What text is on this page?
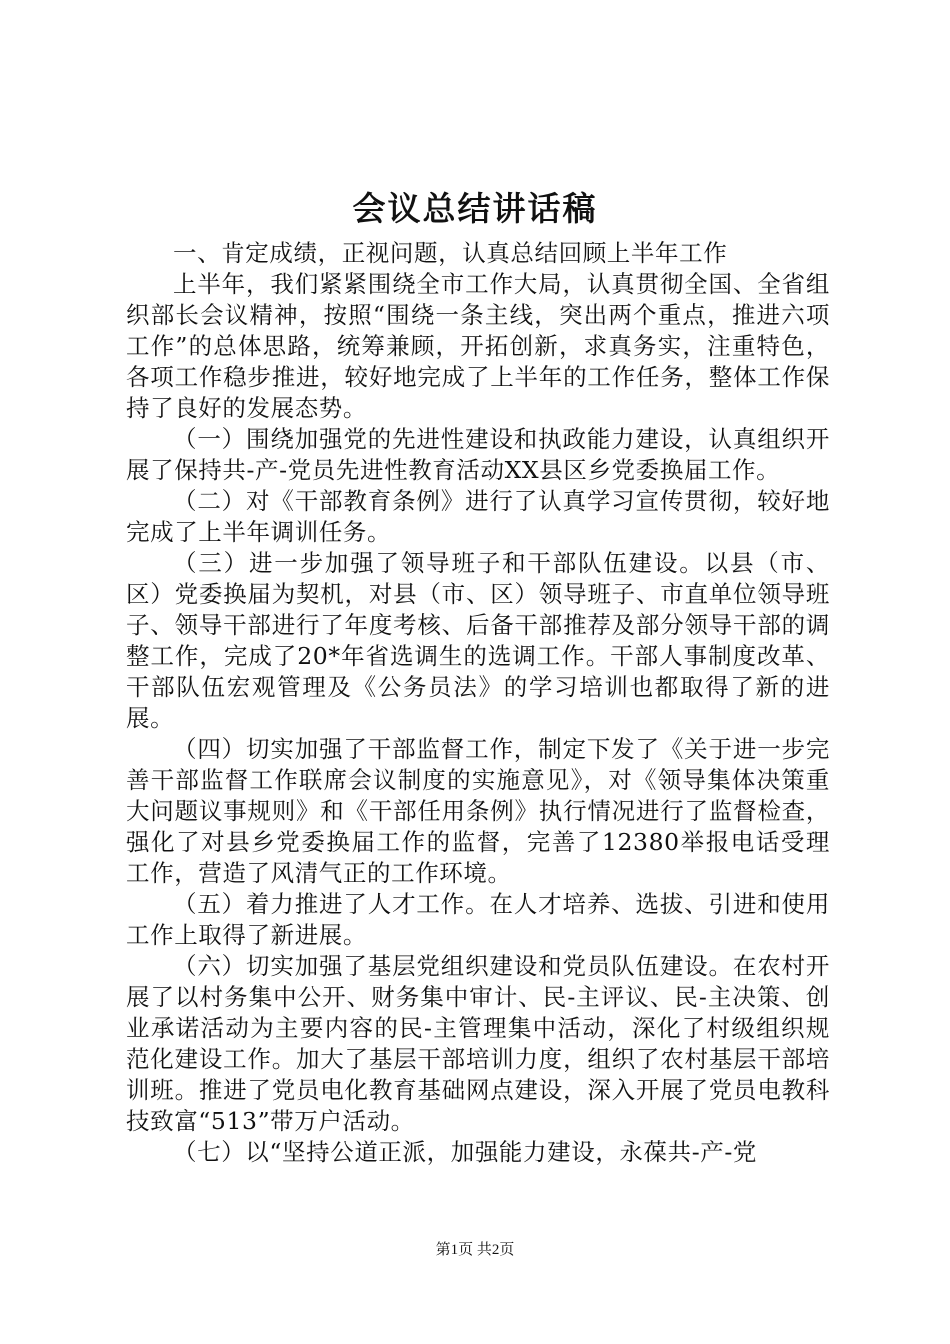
会议总结讲话稿

一、肯定成绩，正视问题，认真总结回顾上半年工作

上半年，我们紧紧围绕全市工作大局，认真贯彻全国、全省组织部长会议精神，按照“围绕一条主线，突出两个重点，推进六项工作”的总体思路，统筹兼顾，开拓创新，求真务实，注重特色，各项工作稳步推进，较好地完成了上半年的工作任务，整体工作保持了良好的发展态势。

（一）围绕加强党的先进性建设和执政能力建设，认真组织开展了保持共-产-党员先进性教育活动XX县区乡党委换届工作。

（二）对《干部教育条例》进行了认真学习宣传贯彻，较好地完成了上半年调训任务。

（三）进一步加强了领导班子和干部队伍建设。以县（市、区）党委换届为契机，对县（市、区）领导班子、市直单位领导班子、领导干部进行了年度考核、后备干部推荐及部分领导干部的调整工作，完成了20*年省选调生的选调工作。干部人事制度改革、干部队伍宏观管理及《公务员法》的学习培训也都取得了新的进展。

（四）切实加强了干部监督工作，制定下发了《关于进一步完善干部监督工作联席会议制度的实施意见》，对《领导集体决策重大问题议事规则》和《干部任用条例》执行情况进行了监督检查，强化了对县乡党委换届工作的监督，完善了12380举报电话受理工作，营造了风清气正的工作环境。

（五）着力推进了人才工作。在人才培养、选拔、引进和使用工作上取得了新进展。

（六）切实加强了基层党组织建设和党员队伍建设。在农村开展了以村务集中公开、财务集中审计、民-主评议、民-主决策、创业承诺活动为主要内容的民-主管理集中活动，深化了村级组织规范化建设工作。加大了基层干部培训力度，组织了农村基层干部培训班。推进了党员电化教育基础网点建设，深入开展了党员电教科技致富“513”带万户活动。

（七）以“坚持公道正派，加强能力建设，永葆共-产-党

第1页 共2页
